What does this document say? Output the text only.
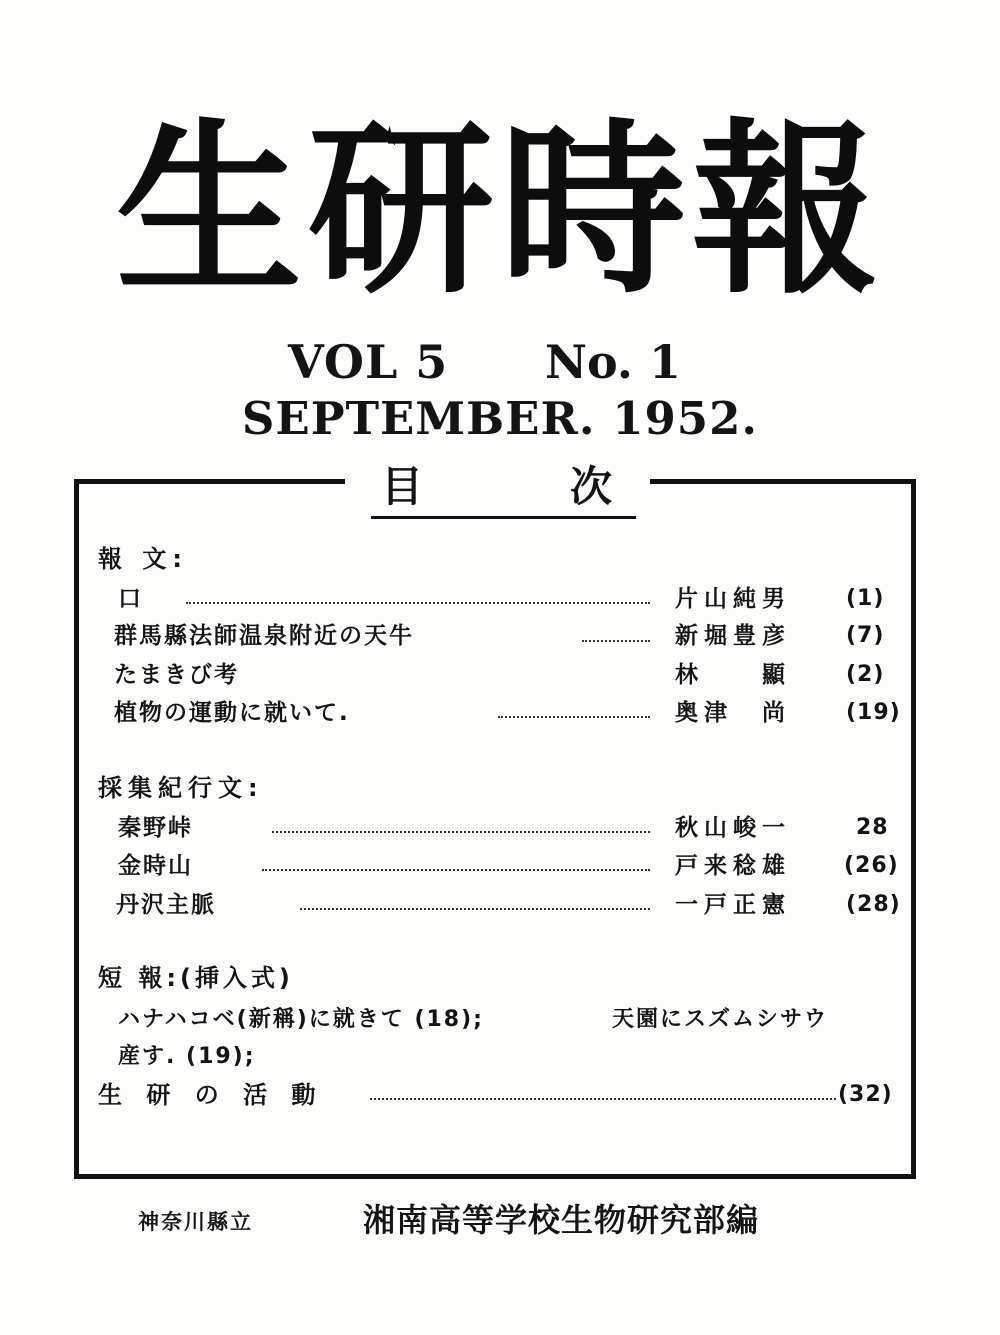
生研時報
VOL 5 No. 1
SEPTEMBER. 1952.
目	次
報 文:
口	片山純男	(1)
群馬縣法師温泉附近の天牛	新堀豊彦	(7)
たまきび考	林　　顯	(2)
植物の運動に就いて.	奥津　尚	(19)
採集紀行文:
秦野峠	秋山峻一	28
金時山	戸来稔雄 (26)
丹沢主脈	一戸正憲	(28)
短 報:(挿入式)
ハナハコベ(新稱)に就きて (18);	天園にスズムシサウ
産す. (19);
生 研 の 活 動	(32)
神奈川縣立	湘南高等学校生物研究部編
